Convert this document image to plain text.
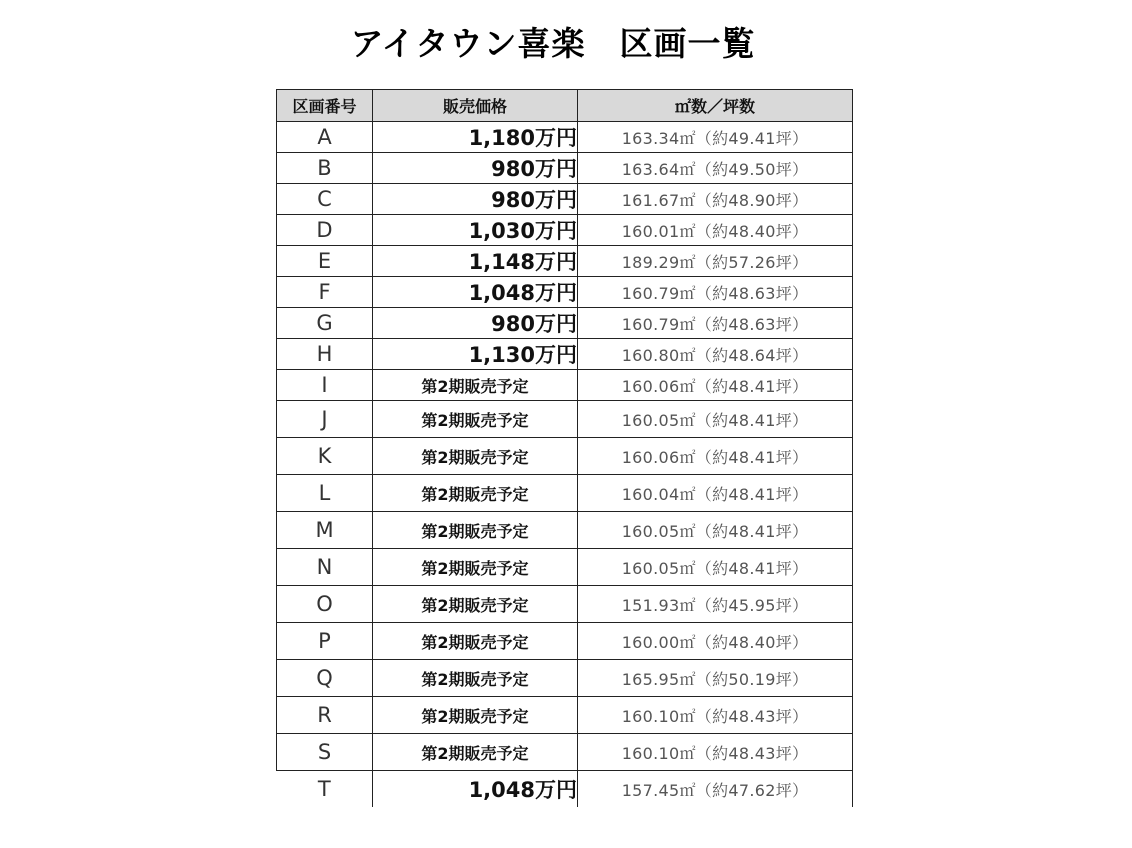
アイタウン喜楽　区画一覧
区画番号	販売価格	㎡数／坪数
A	1,180万円	163.34㎡（約49.41坪）
B	980万円	163.64㎡（約49.50坪）
C	980万円	161.67㎡（約48.90坪）
D	1,030万円	160.01㎡（約48.40坪）
E	1,148万円	189.29㎡（約57.26坪）
F	1,048万円	160.79㎡（約48.63坪）
G	980万円	160.79㎡（約48.63坪）
H	1,130万円	160.80㎡（約48.64坪）
I	第2期販売予定	160.06㎡（約48.41坪）
J	第2期販売予定	160.05㎡（約48.41坪）
K	第2期販売予定	160.06㎡（約48.41坪）
L	第2期販売予定	160.04㎡（約48.41坪）
M	第2期販売予定	160.05㎡（約48.41坪）
N	第2期販売予定	160.05㎡（約48.41坪）
O	第2期販売予定	151.93㎡（約45.95坪）
P	第2期販売予定	160.00㎡（約48.40坪）
Q	第2期販売予定	165.95㎡（約50.19坪）
R	第2期販売予定	160.10㎡（約48.43坪）
S	第2期販売予定	160.10㎡（約48.43坪）
T	1,048万円	157.45㎡（約47.62坪）
